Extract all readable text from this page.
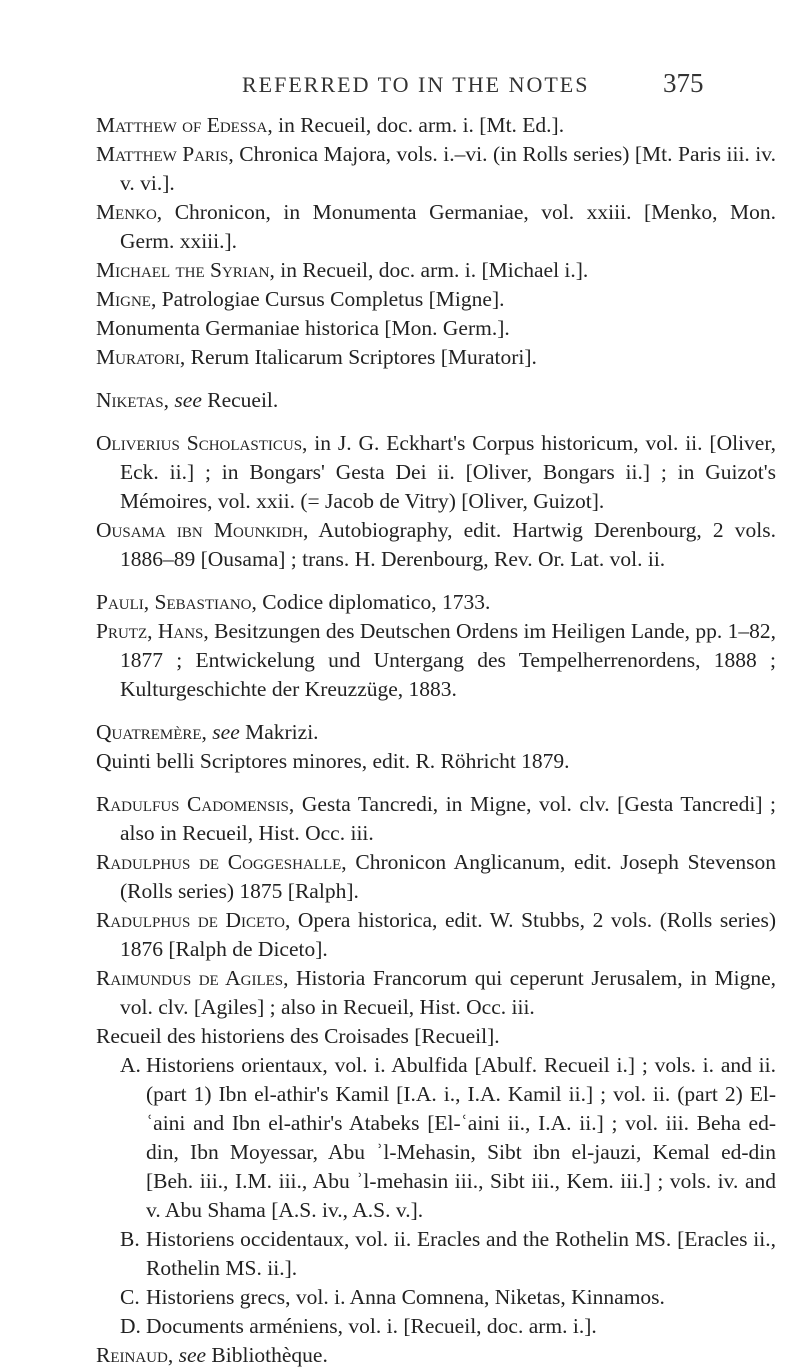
REFERRED TO IN THE NOTES	375
Matthew of Edessa, in Recueil, doc. arm. i. [Mt. Ed.].
Matthew Paris, Chronica Majora, vols. i.–vi. (in Rolls series) [Mt. Paris iii. iv. v. vi.].
Menko, Chronicon, in Monumenta Germaniae, vol. xxiii. [Menko, Mon. Germ. xxiii.].
Michael the Syrian, in Recueil, doc. arm. i. [Michael i.].
Migne, Patrologiae Cursus Completus [Migne].
Monumenta Germaniae historica [Mon. Germ.].
Muratori, Rerum Italicarum Scriptores [Muratori].
Niketas, see Recueil.
Oliverius Scholasticus, in J. G. Eckhart's Corpus historicum, vol. ii. [Oliver, Eck. ii.] ; in Bongars' Gesta Dei ii. [Oliver, Bongars ii.] ; in Guizot's Mémoires, vol. xxii. (= Jacob de Vitry) [Oliver, Guizot].
Ousama ibn Mounkidh, Autobiography, edit. Hartwig Derenbourg, 2 vols. 1886–89 [Ousama] ; trans. H. Derenbourg, Rev. Or. Lat. vol. ii.
Pauli, Sebastiano, Codice diplomatico, 1733.
Prutz, Hans, Besitzungen des Deutschen Ordens im Heiligen Lande, pp. 1–82, 1877 ; Entwickelung und Untergang des Tempelherrenordens, 1888 ; Kulturgeschichte der Kreuzzüge, 1883.
Quatremère, see Makrizi.
Quinti belli Scriptores minores, edit. R. Röhricht 1879.
Radulfus Cadomensis, Gesta Tancredi, in Migne, vol. clv. [Gesta Tancredi] ; also in Recueil, Hist. Occ. iii.
Radulphus de Coggeshalle, Chronicon Anglicanum, edit. Joseph Stevenson (Rolls series) 1875 [Ralph].
Radulphus de Diceto, Opera historica, edit. W. Stubbs, 2 vols. (Rolls series) 1876 [Ralph de Diceto].
Raimundus de Agiles, Historia Francorum qui ceperunt Jerusalem, in Migne, vol. clv. [Agiles] ; also in Recueil, Hist. Occ. iii.
Recueil des historiens des Croisades [Recueil].
A. Historiens orientaux, vol. i. Abulfida [Abulf. Recueil i.] ; vols. i. and ii. (part 1) Ibn el-athir's Kamil [I.A. i., I.A. Kamil ii.] ; vol. ii. (part 2) El-ʿaini and Ibn el-athir's Atabeks [El-ʿaini ii., I.A. ii.] ; vol. iii. Beha ed-din, Ibn Moyessar, Abu ʾl-Mehasin, Sibt ibn el-jauzi, Kemal ed-din [Beh. iii., I.M. iii., Abu ʾl-mehasin iii., Sibt iii., Kem. iii.] ; vols. iv. and v. Abu Shama [A.S. iv., A.S. v.].
B. Historiens occidentaux, vol. ii. Eracles and the Rothelin MS. [Eracles ii., Rothelin MS. ii.].
C. Historiens grecs, vol. i. Anna Comnena, Niketas, Kinnamos.
D. Documents arméniens, vol. i. [Recueil, doc. arm. i.].
Reinaud, see Bibliothèque.
